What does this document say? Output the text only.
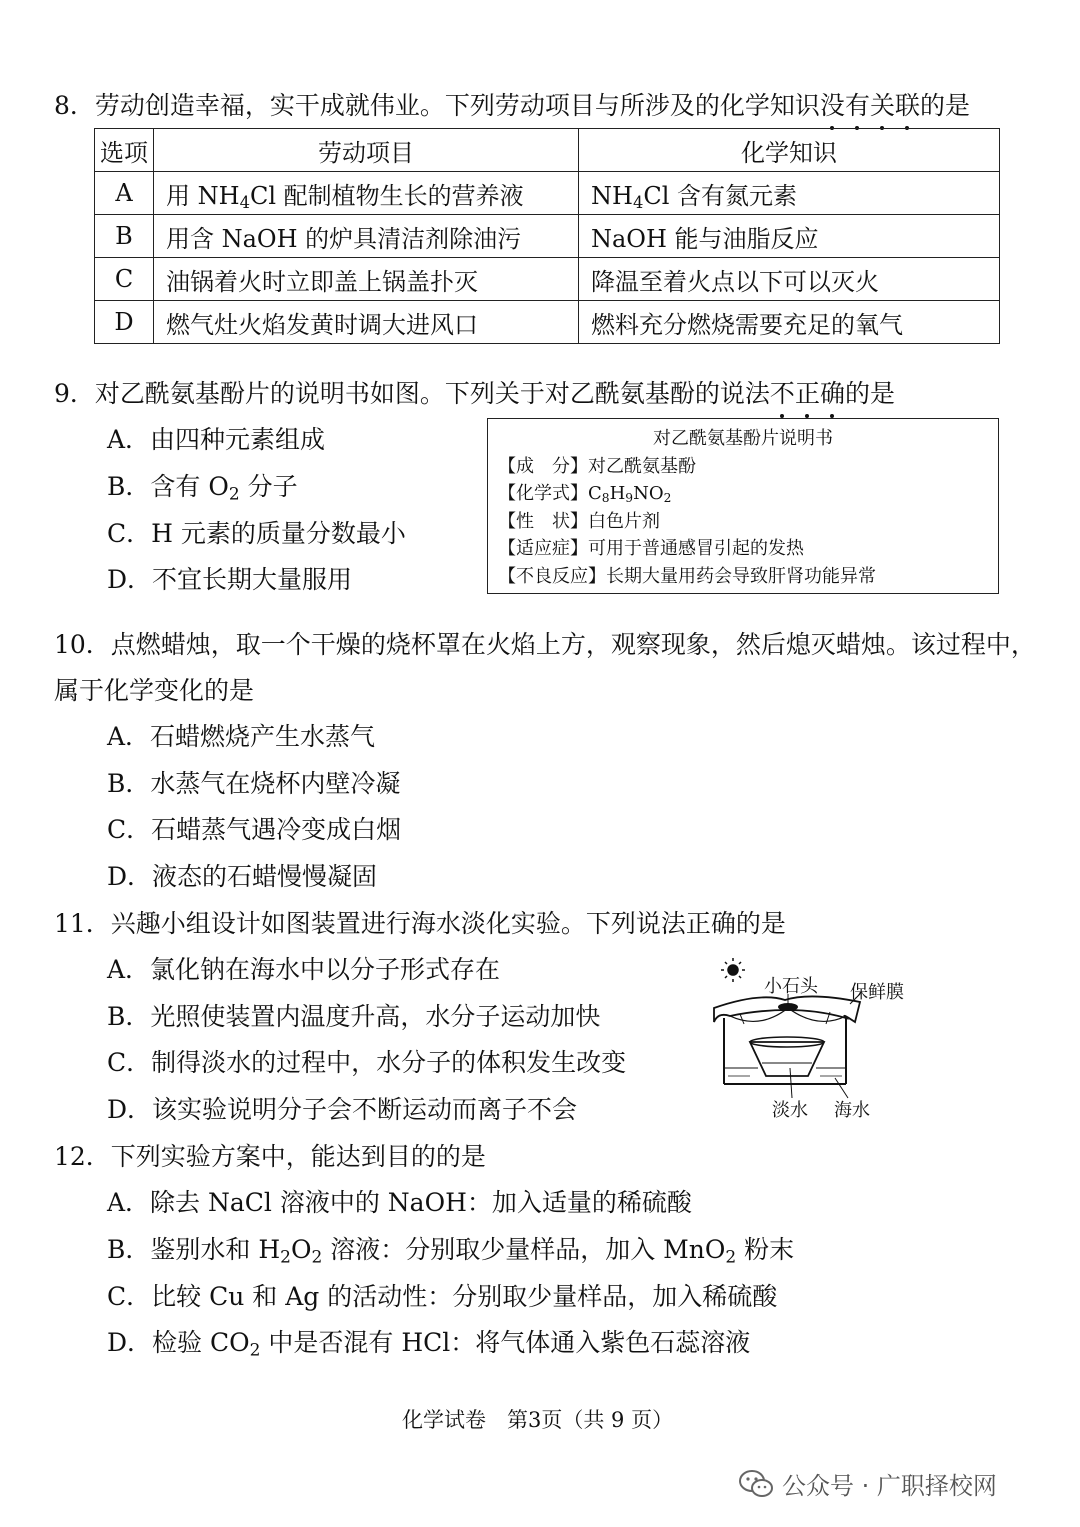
8．劳动创造幸福，实干成就伟业。下列劳动项目与所涉及的化学知识没有关联的是
选项	劳动项目	化学知识
A	用 $NH_4Cl$ 配制植物生长的营养液	$NH_4Cl$ 含有氮元素
B	用含 NaOH 的炉具清洁剂除油污	NaOH 能与油脂反应
C	油锅着火时立即盖上锅盖扑灭	降温至着火点以下可以灭火
D	燃气灶火焰发黄时调大进风口	燃料充分燃烧需要充足的氧气
9．对乙酰氨基酚片的说明书如图。下列关于对乙酰氨基酚的说法不正确的是
A．由四种元素组成
B．含有 $O_2$ 分子
C．H 元素的质量分数最小
D．不宜长期大量服用
对乙酰氨基酚片说明书
【成　分】对乙酰氨基酚
【化学式】$C_8H_9NO_2$
【性　状】白色片剂
【适应症】可用于普通感冒引起的发热
【不良反应】长期大量用药会导致肝肾功能异常
10．点燃蜡烛，取一个干燥的烧杯罩在火焰上方，观察现象，然后熄灭蜡烛。该过程中，
属于化学变化的是
A．石蜡燃烧产生水蒸气
B．水蒸气在烧杯内壁冷凝
C．石蜡蒸气遇冷变成白烟
D．液态的石蜡慢慢凝固
11．兴趣小组设计如图装置进行海水淡化实验。下列说法正确的是
A．氯化钠在海水中以分子形式存在
B．光照使装置内温度升高，水分子运动加快
C．制得淡水的过程中，水分子的体积发生改变
D．该实验说明分子会不断运动而离子不会
小石头 保鲜膜
淡水 海水
12．下列实验方案中，能达到目的的是
A．除去 NaCl 溶液中的 NaOH：加入适量的稀硫酸
B．鉴别水和 $H_2O_2$ 溶液：分别取少量样品，加入 MnO$_2$ 粉末
C．比较 Cu 和 Ag 的活动性：分别取少量样品，加入稀硫酸
D．检验 $CO_2$ 中是否混有 HCl：将气体通入紫色石蕊溶液
化学试卷　第3页（共 9 页）
公众号 · 广职择校网
